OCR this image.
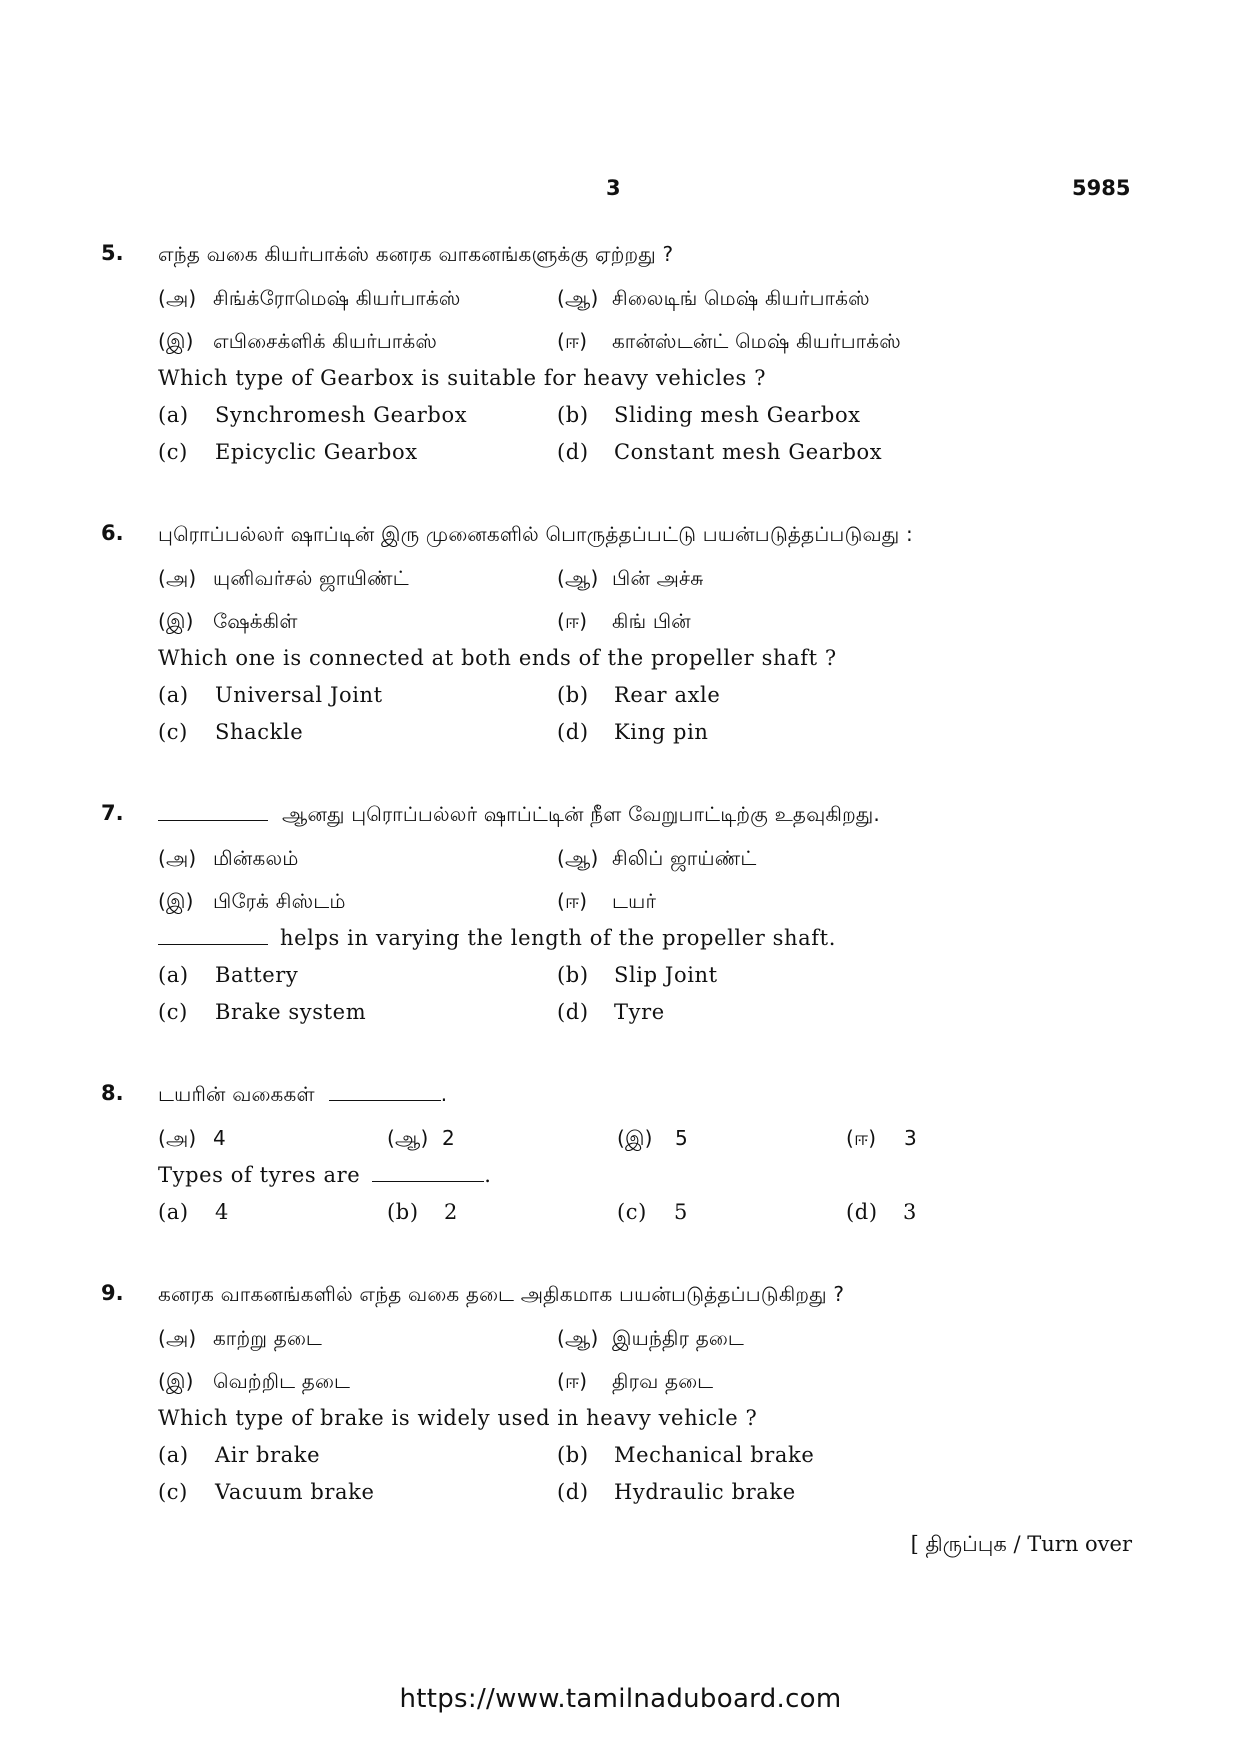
3	5985
5. எந்த வகை கியர்பாக்ஸ் கனரக வாகனங்களுக்கு ஏற்றது ?
(அ) சிங்க்ரோமெஷ் கியர்பாக்ஸ்	(ஆ) சிலைடிங் மெஷ் கியர்பாக்ஸ்
(இ) எபிசைக்ளிக் கியர்பாக்ஸ்	(ஈ) கான்ஸ்டன்ட் மெஷ் கியர்பாக்ஸ்
Which type of Gearbox is suitable for heavy vehicles ?
(a) Synchromesh Gearbox	(b) Sliding mesh Gearbox
(c) Epicyclic Gearbox	(d) Constant mesh Gearbox
6. புரொப்பல்லர் ஷாப்டின் இரு முனைகளில் பொருத்தப்பட்டு பயன்படுத்தப்படுவது :
(அ) யுனிவர்சல் ஜாயிண்ட்	(ஆ) பின் அச்சு
(இ) ஷேக்கிள்	(ஈ) கிங் பின்
Which one is connected at both ends of the propeller shaft ?
(a) Universal Joint	(b) Rear axle
(c) Shackle	(d) King pin
7.	ஆனது புரொப்பல்லர் ஷாப்ட்டின் நீள வேறுபாட்டிற்கு உதவுகிறது.
(அ) மின்கலம்	(ஆ) சிலிப் ஜாய்ண்ட்
(இ) பிரேக் சிஸ்டம்	(ஈ) டயர்
helps in varying the length of the propeller shaft.
(a) Battery	(b) Slip Joint
(c) Brake system	(d) Tyre
8. டயரின் வகைகள்	.
(அ) 4	(ஆ) 2	(இ) 5	(ஈ) 3
Types of tyres are	.
(a) 4	(b) 2	(c) 5	(d) 3
9. கனரக வாகனங்களில் எந்த வகை தடை அதிகமாக பயன்படுத்தப்படுகிறது ?
(அ) காற்று தடை	(ஆ) இயந்திர தடை
(இ) வெற்றிட தடை	(ஈ) திரவ தடை
Which type of brake is widely used in heavy vehicle ?
(a) Air brake	(b) Mechanical brake
(c) Vacuum brake	(d) Hydraulic brake
[ திருப்புக / Turn over
https://www.tamilnaduboard.com
